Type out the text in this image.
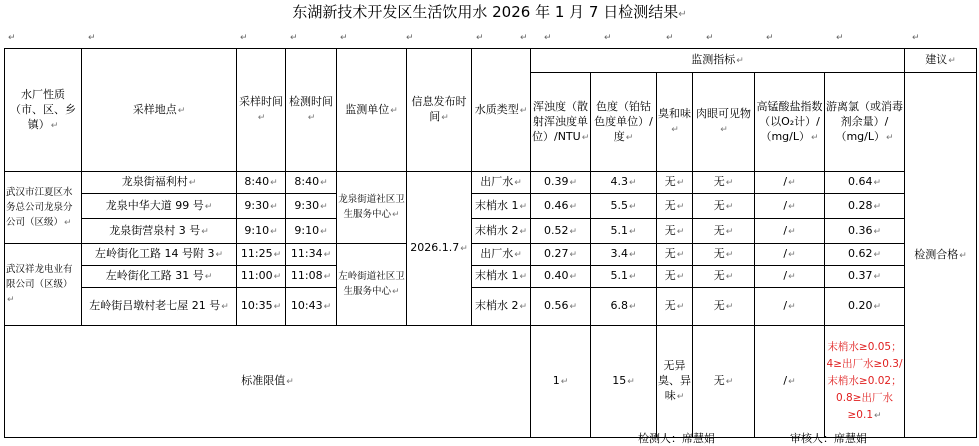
东湖新技术开发区生活饮用水 2026 年 1 月 7 日检测结果↵
↵	↵	↵	↵	↵	↵	↵	↵ ↵	↵	↵	↵	↵	↵	↵
水厂性质（市、区、乡镇）↵	采样地点↵	采样时间↵	检测时间↵	监测单位↵	信息发布时间↵	水质类型↵	监测指标↵						建议↵
							浑浊度（散射浑浊度单位）/NTU↵	色度（铂钴色度单位）/度↵	臭和味↵	肉眼可见物↵	高锰酸盐指数（以O₂计）/（mg/L）↵	游离氯（或消毒剂余量）/（mg/L）↵	检测合格↵
武汉市江夏区水务总公司龙泉分公司（区级）↵	龙泉街福利村↵	8:40↵	8:40↵	龙泉街道社区卫生服务中心↵	2026.1.7↵	出厂水↵	0.39↵	4.3↵	无↵	无↵	/↵	0.64↵	
	龙泉中华大道 99 号↵	9:30↵	9:30↵			末梢水 1↵	0.46↵	5.5↵	无↵	无↵	/↵	0.28↵	
	龙泉街营泉村 3 号↵	9:10↵	9:10↵			末梢水 2↵	0.52↵	5.1↵	无↵	无↵	/↵	0.36↵	
武汉祥龙电业有限公司（区级）↵	左岭街化工路 14 号附 3↵	11:25↵	11:34↵	左岭街道社区卫生服务中心↵		出厂水↵	0.27↵	3.4↵	无↵	无↵	/↵	0.62↵	
	左岭街化工路 31 号↵	11:00↵	11:08↵			末梢水 1↵	0.40↵	5.1↵	无↵	无↵	/↵	0.37↵	
	左岭街吕墩村老七屋 21 号↵	10:35↵	10:43↵			末梢水 2↵	0.56↵	6.8↵	无↵	无↵	/↵	0.20↵	
标准限值↵							1↵	15↵	无异臭、异味↵	无↵	/↵	末梢水≥0.05；4≥出厂水≥0.3/末梢水≥0.02；0.8≥出厂水≥0.1↵	
检测人：席慧娟	审核人：席慧娟
